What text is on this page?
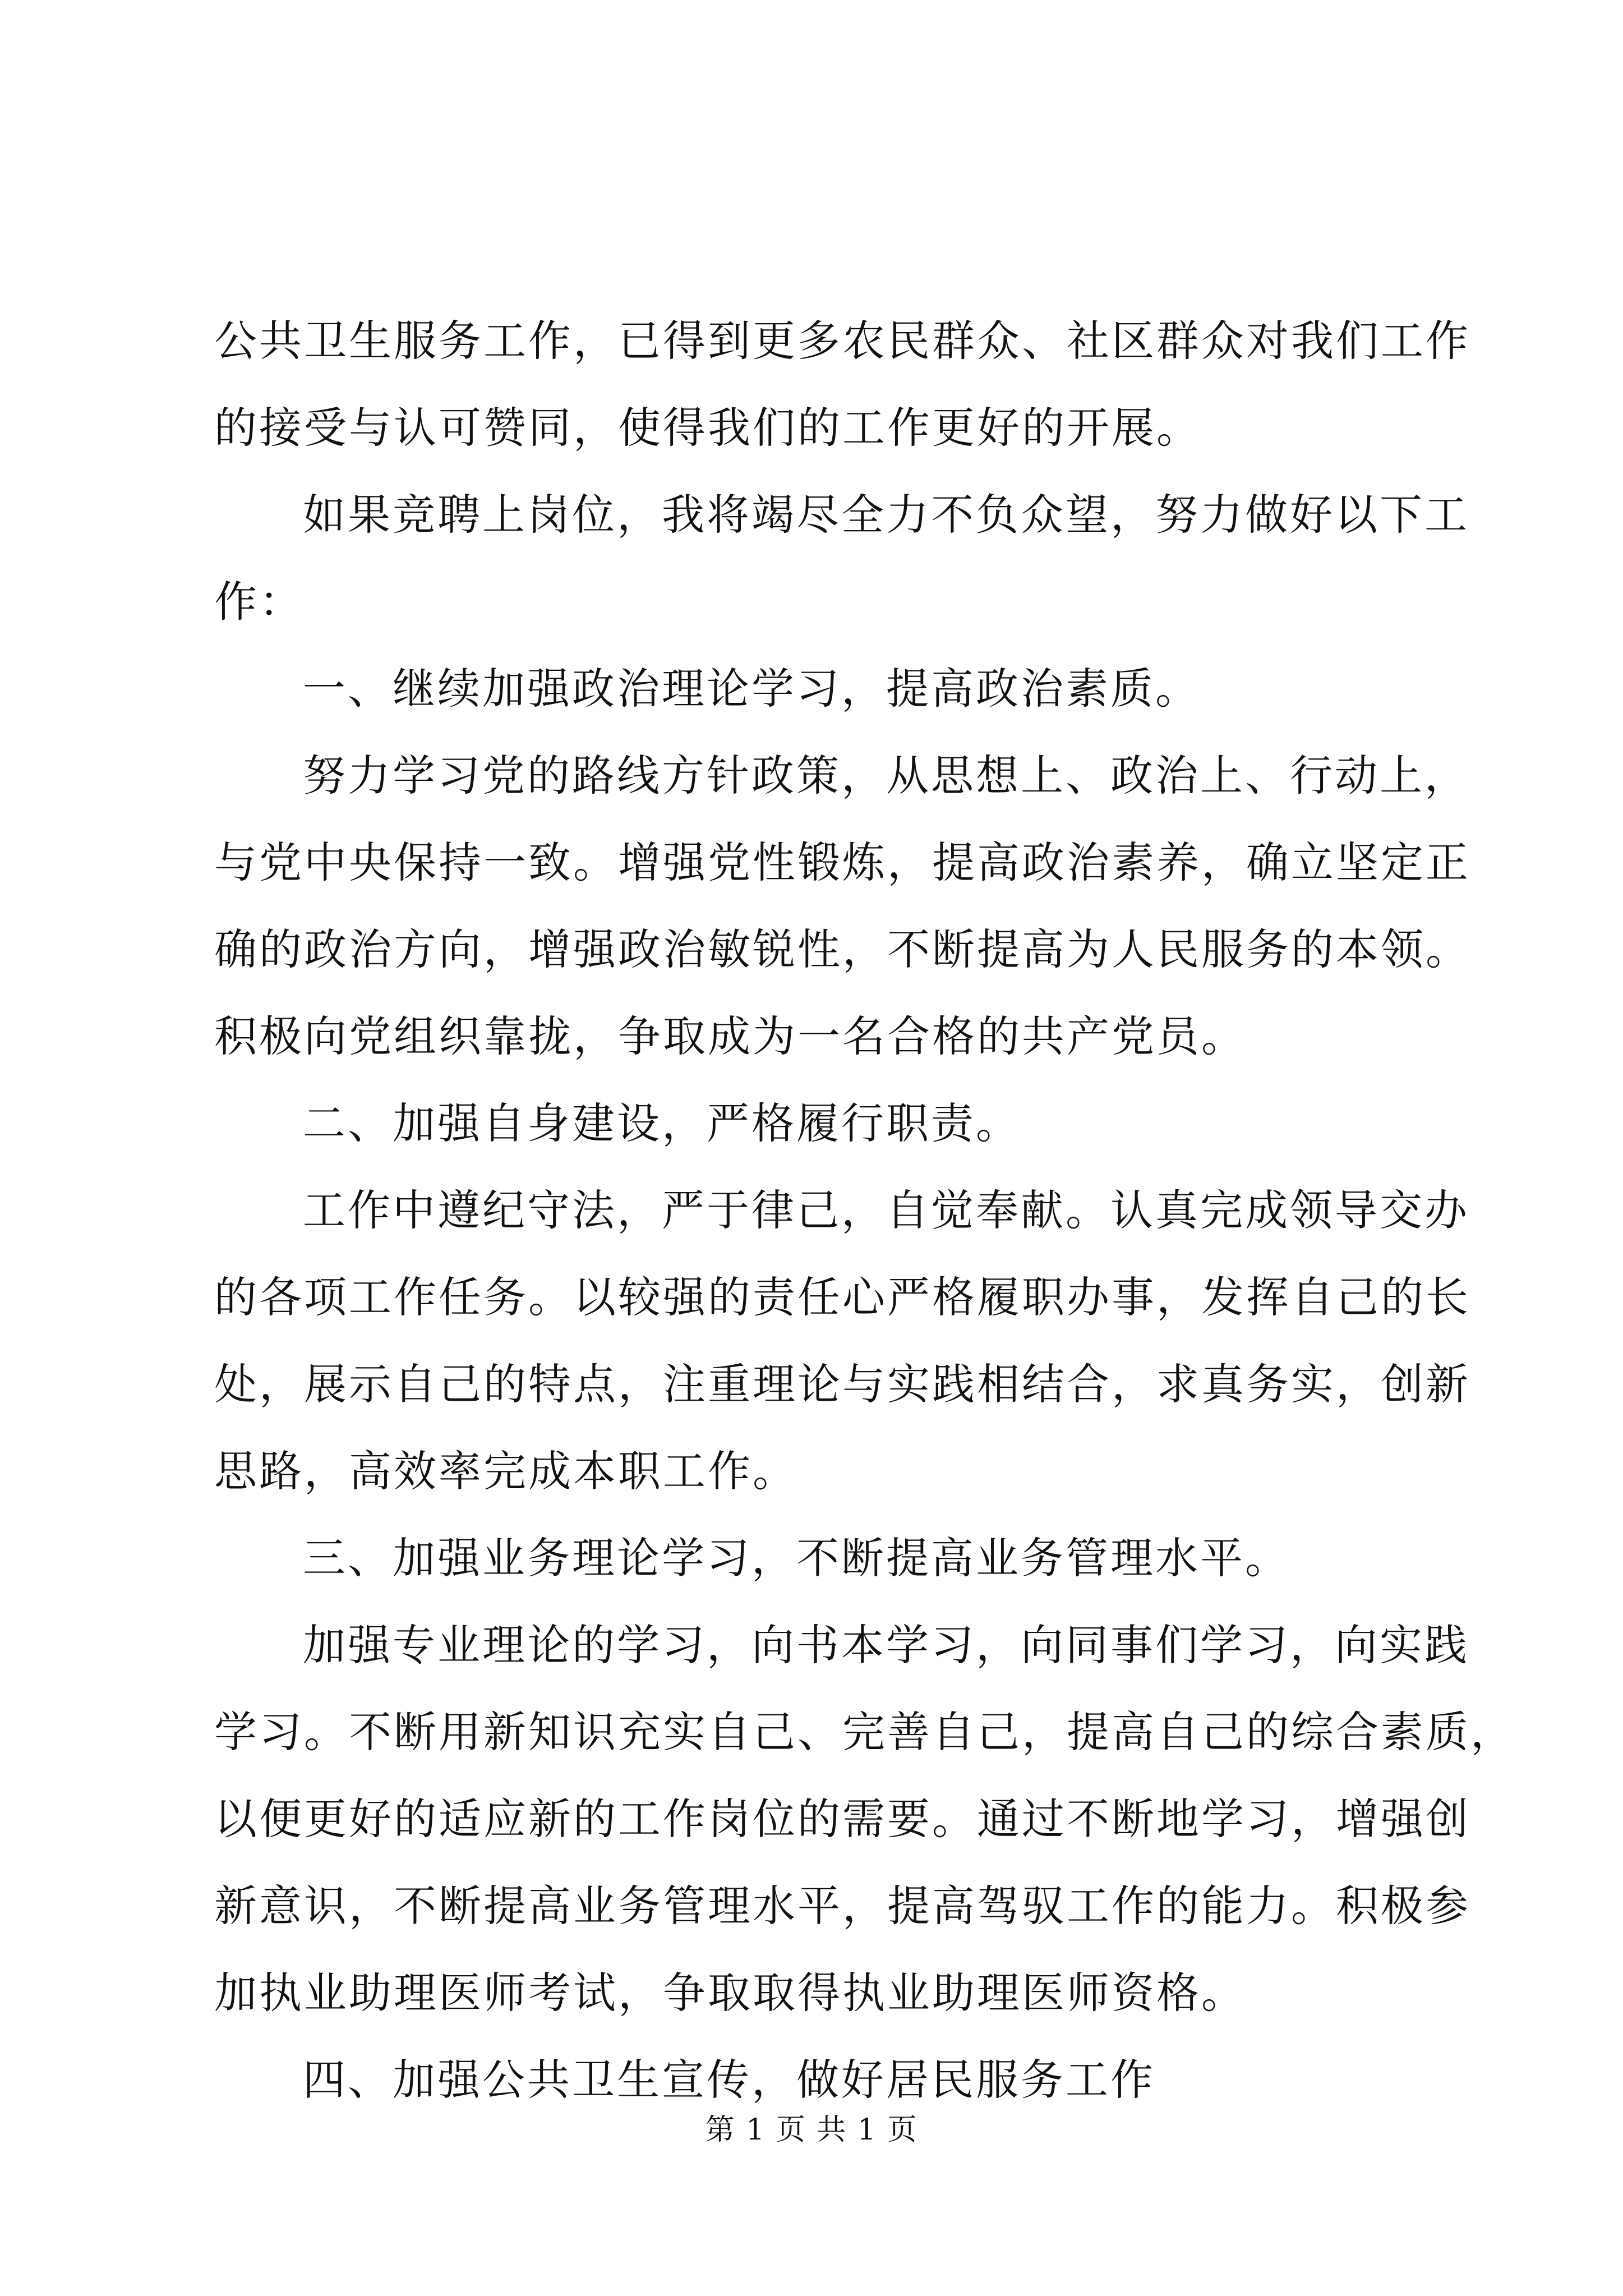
公共卫生服务工作，已得到更多农民群众、社区群众对我们工作
的接受与认可赞同，使得我们的工作更好的开展。
如果竞聘上岗位，我将竭尽全力不负众望，努力做好以下工
作：
一、继续加强政治理论学习，提高政治素质。
努力学习党的路线方针政策，从思想上、政治上、行动上，
与党中央保持一致。增强党性锻炼，提高政治素养，确立坚定正
确的政治方向，增强政治敏锐性，不断提高为人民服务的本领。
积极向党组织靠拢，争取成为一名合格的共产党员。
二、加强自身建设，严格履行职责。
工作中遵纪守法，严于律己，自觉奉献。认真完成领导交办
的各项工作任务。以较强的责任心严格履职办事，发挥自己的长
处，展示自己的特点，注重理论与实践相结合，求真务实，创新
思路，高效率完成本职工作。
三、加强业务理论学习，不断提高业务管理水平。
加强专业理论的学习，向书本学习，向同事们学习，向实践
学习。不断用新知识充实自己、完善自己，提高自己的综合素质，
以便更好的适应新的工作岗位的需要。通过不断地学习，增强创
新意识，不断提高业务管理水平，提高驾驭工作的能力。积极参
加执业助理医师考试，争取取得执业助理医师资格。
四、加强公共卫生宣传，做好居民服务工作
第 1 页 共 1 页
